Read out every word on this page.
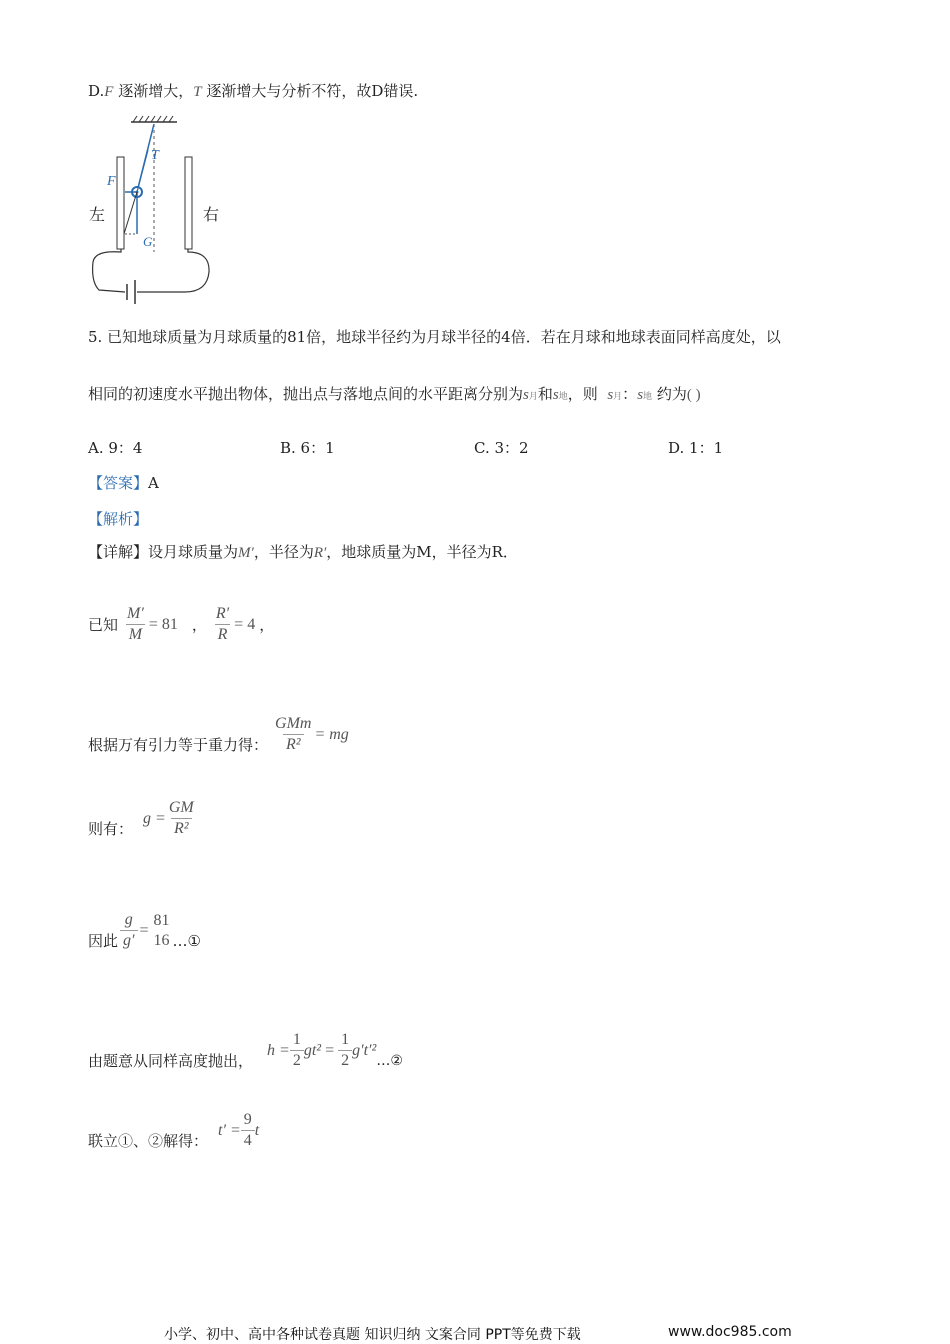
D.F 逐渐增大，T 逐渐增大与分析不符，故D错误.
T
F
G
左	右
5. 已知地球质量为月球质量的81倍，地球半径约为月球半径的4倍．若在月球和地球表面同样高度处，以
相同的初速度水平抛出物体，抛出点与落地点间的水平距离分别为s月和s地，则 s月：s地 约为( )
A. 9：4	B. 6：1	C. 3：2	D. 1：1
【答案】A
【解析】
【详解】设月球质量为M′，半径为R′，地球质量为M，半径为R．
已知 $\frac{M'}{M} = 81$ ， $\frac{R'}{R} = 4$ ，
根据万有引力等于重力得： $\frac{\text{GMm}}{\text{R²}}$ = mg
则有：
$g = \frac{GM}{\text{R²}}$
因此 $\frac{g}{g'}$ =
81
16 …①
由题意从同样高度抛出，
$h = \frac{1}{2} gt^2 = \frac{1}{2} g't'^2$
…②
联立①、②解得：
$t' = \frac{9}{4}$ t
小学、初中、高中各种试卷真题 知识归纳 文案合同 PPT等免费下载	www.doc985.com
